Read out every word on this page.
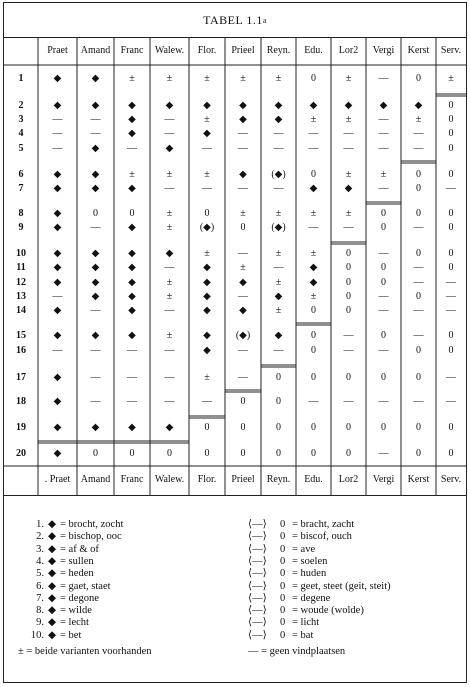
TABEL 1.1 a
Praet	Amand	Franc	Walew.	Flor.	Prieel	Reyn.	Edu.	Lor2	Vergi	Kerst	Serv.
. Praet	Amand	Franc	Walew.	Flor.	Prieel	Reyn.	Edu.	Lor2	Vergi	Kerst	Serv.
1	◆	◆	±	±	±	±	±	0	±	—	0	±
2	◆	◆	◆	◆	◆	◆	◆	◆	◆	◆	◆	0
3	—	—	◆	—	±	◆	◆	±	±	—	±	0
4	—	—	◆	—	◆	—	—	—	—	—	—	0
5	—	◆	—	◆	—	—	—	—	—	—	—	0
6	◆	◆	±	±	±	◆	(◆)	0	±	±	0	0
7	◆	◆	◆	—	—	—	—	◆	◆	—	0	—
8	◆	0	0	±	0	±	±	±	±	0	0	0
9	◆	—	◆	±	(◆)	0	(◆)	—	—	0	—	0
10	◆	◆	◆	◆	±	—	±	±	0	—	0	0
11	◆	◆	◆	—	◆	±	—	◆	0	0	—	0
12	◆	◆	◆	±	◆	◆	±	◆	0	0	—	—
13	—	◆	◆	±	◆	—	◆	±	0	—	0	—
14	◆	—	◆	—	◆	◆	±	0	0	—	—	—
15	◆	◆	◆	±	◆	(◆)	◆	0	—	0	—	0
16	—	—	—	—	◆	—	—	0	—	—	0	0
17	◆	—	—	—	±	—	0	0	0	0	0	—
18	◆	—	—	—	—	0	0	—	—	—	—	—
19	◆	◆	◆	◆	0	0	0	0	0	0	0	0
20	◆	0	0	0	0	0	0	0	0	—	0	0
± = beide varianten voorhanden	— = geen vindplaatsen
1. ◆ = brocht, zocht	⟨—⟩ 0 = bracht, zacht
2. ◆ = bischop, ooc	⟨—⟩ 0 = biscof, ouch
3. ◆ = af & of	⟨—⟩ 0 = ave
4. ◆ = sullen	⟨—⟩ 0 = soelen
5. ◆ = heden	⟨—⟩ 0 = huden
6. ◆ = gaet, staet	⟨—⟩ 0 = geet, steet (geit, steit)
7. ◆ = degone	⟨—⟩ 0 = degene
8. ◆ = wilde	⟨—⟩ 0 = woude (wolde)
9. ◆ = lecht	⟨—⟩ 0 = licht
10. ◆ = bet	⟨—⟩ 0 = bat
